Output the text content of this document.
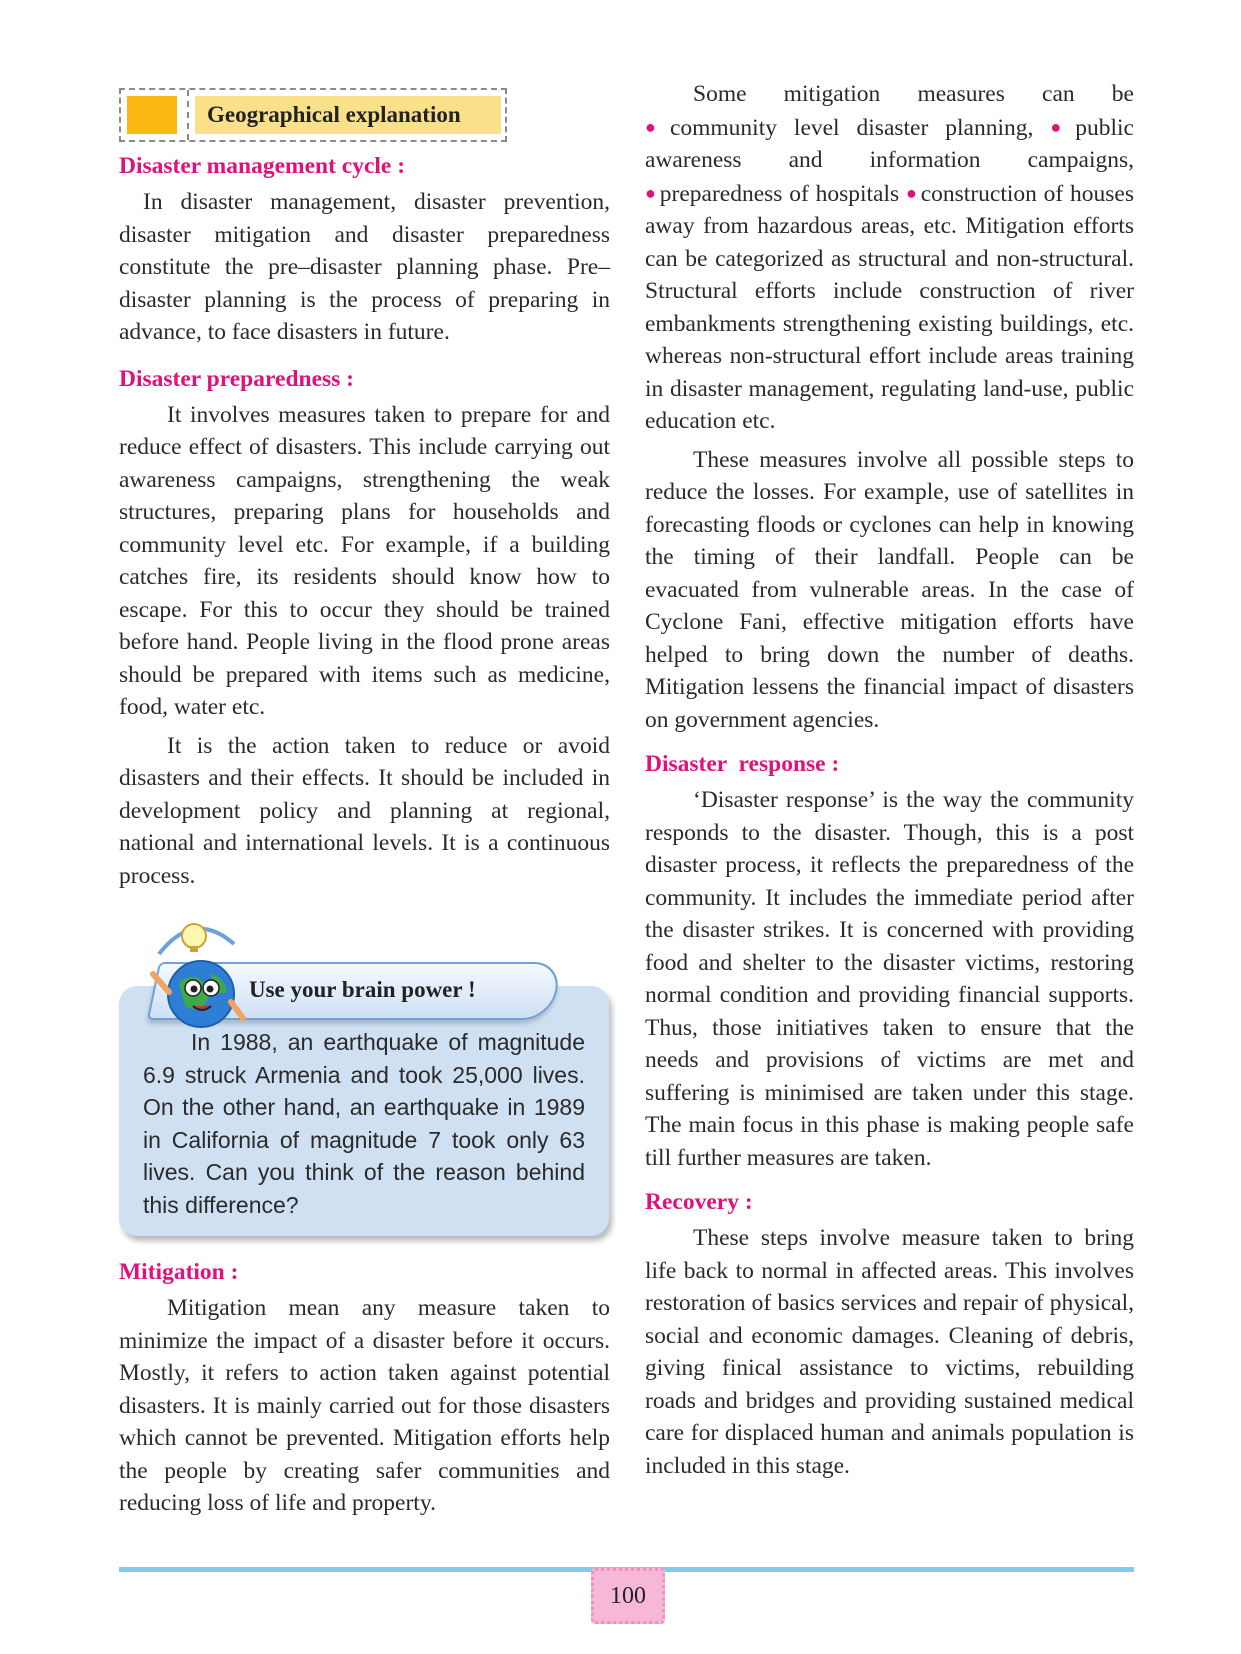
Geographical explanation
Disaster management cycle :

In disaster management, disaster prevention, disaster mitigation and disaster preparedness constitute the pre–disaster planning phase. Pre–disaster planning is the process of preparing in advance, to face disasters in future.

Disaster preparedness :

It involves measures taken to prepare for and reduce effect of disasters. This include carrying out awareness campaigns, strengthening the weak structures, preparing plans for households and community level etc. For example, if a building catches fire, its residents should know how to escape. For this to occur they should be trained before hand. People living in the flood prone areas should be prepared with items such as medicine, food, water etc.

It is the action taken to reduce or avoid disasters and their effects. It should be included in development policy and planning at regional, national and international levels. It is a continuous process.

In 1988, an earthquake of magnitude 6.9 struck Armenia and took 25,000 lives. On the other hand, an earthquake in 1989 in California of magnitude 7 took only 63 lives. Can you think of the reason behind this difference?

Use your brain power !
Mitigation :

Mitigation mean any measure taken to minimize the impact of a disaster before it occurs. Mostly, it refers to action taken against potential disasters. It is mainly carried out for those disasters which cannot be prevented. Mitigation efforts help the people by creating safer communities and reducing loss of life and property.

Some mitigation measures can be ● community level disaster planning, ● public awareness and information campaigns, ● preparedness of hospitals ● construction of houses away from hazardous areas, etc. Mitigation efforts can be categorized as structural and non-structural. Structural efforts include construction of river embankments strengthening existing buildings, etc. whereas non-structural effort include areas training in disaster management, regulating land-use, public education etc.

These measures involve all possible steps to reduce the losses. For example, use of satellites in forecasting floods or cyclones can help in knowing the timing of their landfall. People can be evacuated from vulnerable areas. In the case of Cyclone Fani, effective mitigation efforts have helped to bring down the number of deaths. Mitigation lessens the financial impact of disasters on government agencies.

Disaster  response :

‘Disaster response’ is the way the community responds to the disaster. Though, this is a post disaster process, it reflects the preparedness of the community. It includes the immediate period after the disaster strikes. It is concerned with providing food and shelter to the disaster victims, restoring normal condition and providing financial supports. Thus, those initiatives taken to ensure that the needs and provisions of victims are met and suffering is minimised are taken under this stage. The main focus in this phase is making people safe till further measures are taken.

Recovery :

These steps involve measure taken to bring life back to normal in affected areas. This involves restoration of basics services and repair of physical, social and economic damages. Cleaning of debris, giving finical assistance to victims, rebuilding roads and bridges and providing sustained medical care for displaced human and animals population is included in this stage.

100
